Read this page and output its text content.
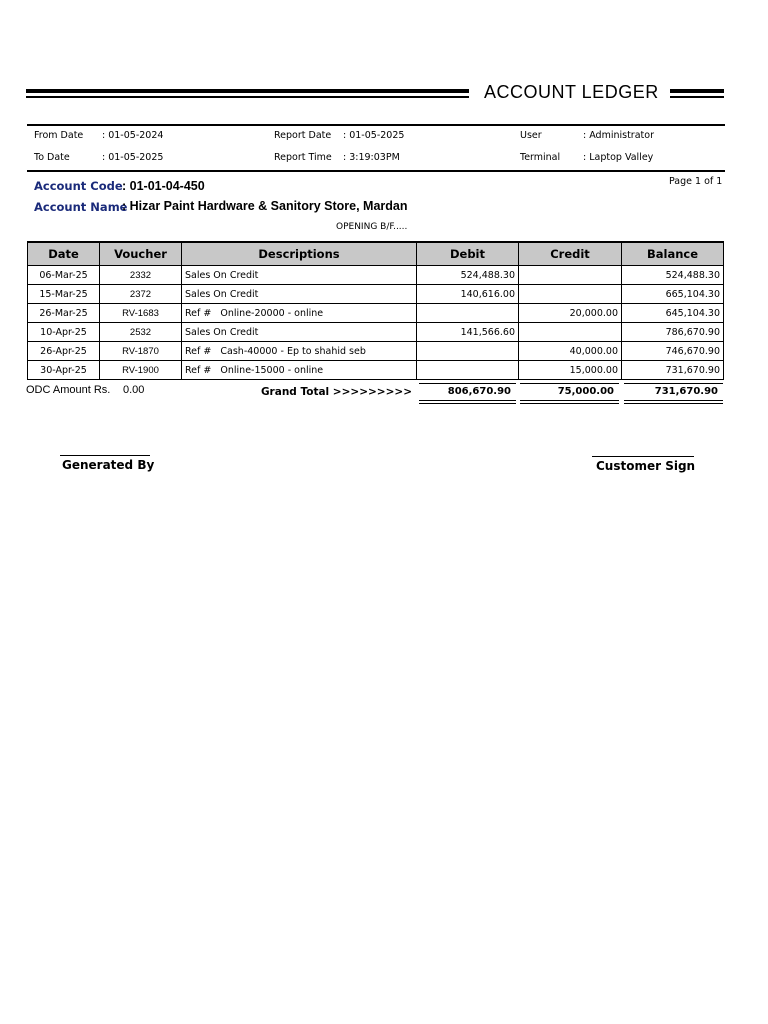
ACCOUNT LEDGER
From Date : 01-05-2024
To Date	: 01-05-2025
Report Date : 01-05-2025
Report Time : 3:19:03PM
User	: Administrator
Terminal : Laptop Valley
Page 1 of 1
Account Code : 01-01-04-450
Account Name
: Hizar Paint Hardware & Sanitory Store, Mardan
OPENING B/F.....
Date	Voucher	Descriptions	Debit	Credit	Balance
06-Mar-25	2332	Sales On Credit	524,488.30		524,488.30
15-Mar-25	2372	Sales On Credit	140,616.00		665,104.30
26-Mar-25	RV-1683	Ref #   Online-20000 - online		20,000.00	645,104.30
10-Apr-25	2532	Sales On Credit	141,566.60		786,670.90
26-Apr-25	RV-1870	Ref #   Cash-40000 - Ep to shahid seb		40,000.00	746,670.90
30-Apr-25	RV-1900	Ref #   Online-15000 - online		15,000.00	731,670.90
ODC Amount Rs. 0.00	Grand Total >>>>>>>>>	806,670.90	75,000.00	731,670.90
Generated By	Customer Sign
